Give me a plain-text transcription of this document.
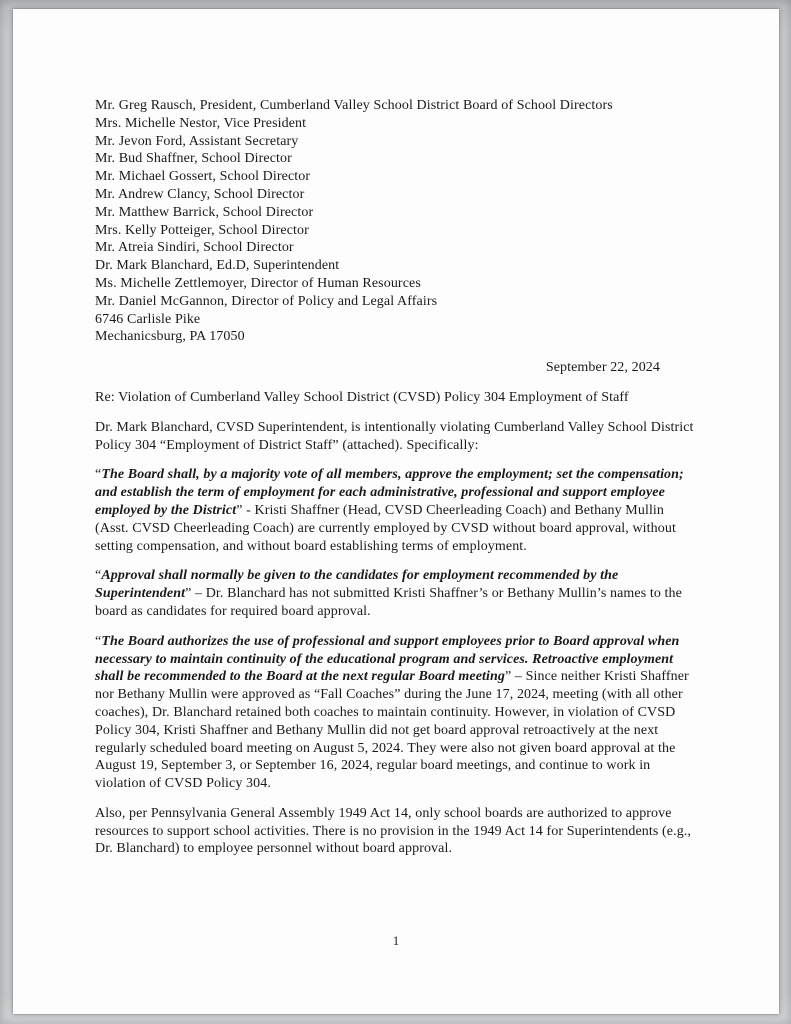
Mr. Greg Rausch, President, Cumberland Valley School District Board of School Directors
Mrs. Michelle Nestor, Vice President
Mr. Jevon Ford, Assistant Secretary
Mr. Bud Shaffner, School Director
Mr. Michael Gossert, School Director
Mr. Andrew Clancy, School Director
Mr. Matthew Barrick, School Director
Mrs. Kelly Potteiger, School Director
Mr. Atreia Sindiri, School Director
Dr. Mark Blanchard, Ed.D, Superintendent
Ms. Michelle Zettlemoyer, Director of Human Resources
Mr. Daniel McGannon, Director of Policy and Legal Affairs
6746 Carlisle Pike
Mechanicsburg, PA 17050
September 22, 2024
Re: Violation of Cumberland Valley School District (CVSD) Policy 304 Employment of Staff
Dr. Mark Blanchard, CVSD Superintendent, is intentionally violating Cumberland Valley School District Policy 304 “Employment of District Staff” (attached). Specifically:
“The Board shall, by a majority vote of all members, approve the employment; set the compensation; and establish the term of employment for each administrative, professional and support employee employed by the District” - Kristi Shaffner (Head, CVSD Cheerleading Coach) and Bethany Mullin (Asst. CVSD Cheerleading Coach) are currently employed by CVSD without board approval, without setting compensation, and without board establishing terms of employment.
“Approval shall normally be given to the candidates for employment recommended by the Superintendent” – Dr. Blanchard has not submitted Kristi Shaffner’s or Bethany Mullin’s names to the board as candidates for required board approval.
“The Board authorizes the use of professional and support employees prior to Board approval when necessary to maintain continuity of the educational program and services. Retroactive employment shall be recommended to the Board at the next regular Board meeting” – Since neither Kristi Shaffner nor Bethany Mullin were approved as “Fall Coaches” during the June 17, 2024, meeting (with all other coaches), Dr. Blanchard retained both coaches to maintain continuity. However, in violation of CVSD Policy 304, Kristi Shaffner and Bethany Mullin did not get board approval retroactively at the next regularly scheduled board meeting on August 5, 2024. They were also not given board approval at the August 19, September 3, or September 16, 2024, regular board meetings, and continue to work in violation of CVSD Policy 304.
Also, per Pennsylvania General Assembly 1949 Act 14, only school boards are authorized to approve resources to support school activities. There is no provision in the 1949 Act 14 for Superintendents (e.g., Dr. Blanchard) to employee personnel without board approval.
1
